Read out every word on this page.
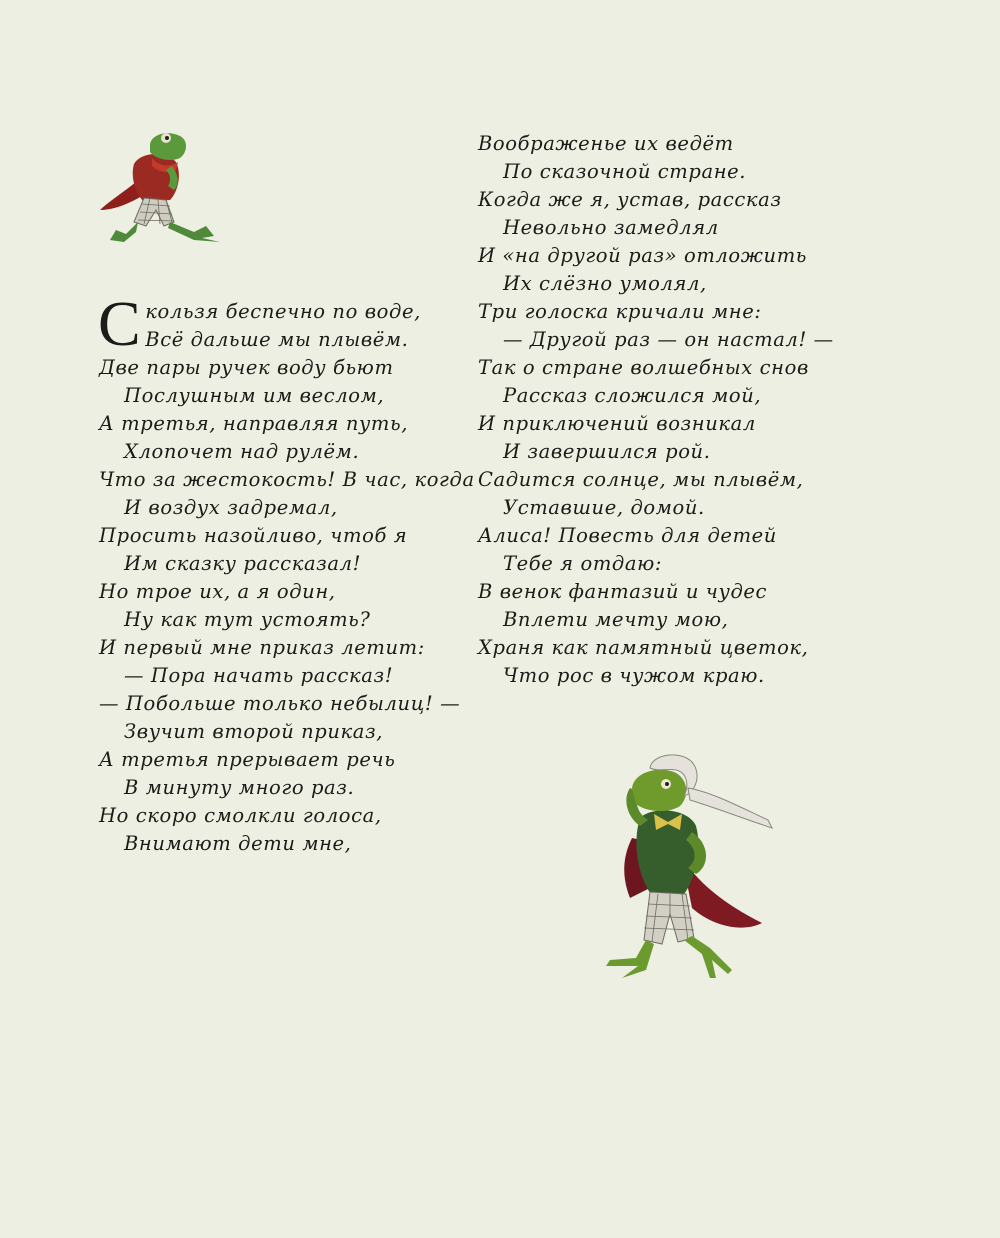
Скользя беспечно по воде,
Всё дальше мы плывём.
Две пары ручек воду бьют
Послушным им веслом,
А третья, направляя путь,
Хлопочет над рулём.
Что за жестокость! В час, когда
И воздух задремал,
Просить назойливо, чтоб я
Им сказку рассказал!
Но трое их, а я один,
Ну как тут устоять?
И первый мне приказ летит:
— Пора начать рассказ!
— Побольше только небылиц! —
Звучит второй приказ,
А третья прерывает речь
В минуту много раз.
Но скоро смолкли голоса,
Внимают дети мне,
Воображенье их ведёт
По сказочной стране.
Когда же я, устав, рассказ
Невольно замедлял
И «на другой раз» отложить
Их слёзно умолял,
Три голоска кричали мне:
— Другой раз — он настал! —
Так о стране волшебных снов
Рассказ сложился мой,
И приключений возникал
И завершился рой.
Садится солнце, мы плывём,
Уставшие, домой.
Алиса! Повесть для детей
Тебе я отдаю:
В венок фантазий и чудес
Вплети мечту мою,
Храня как памятный цветок,
Что рос в чужом краю.
